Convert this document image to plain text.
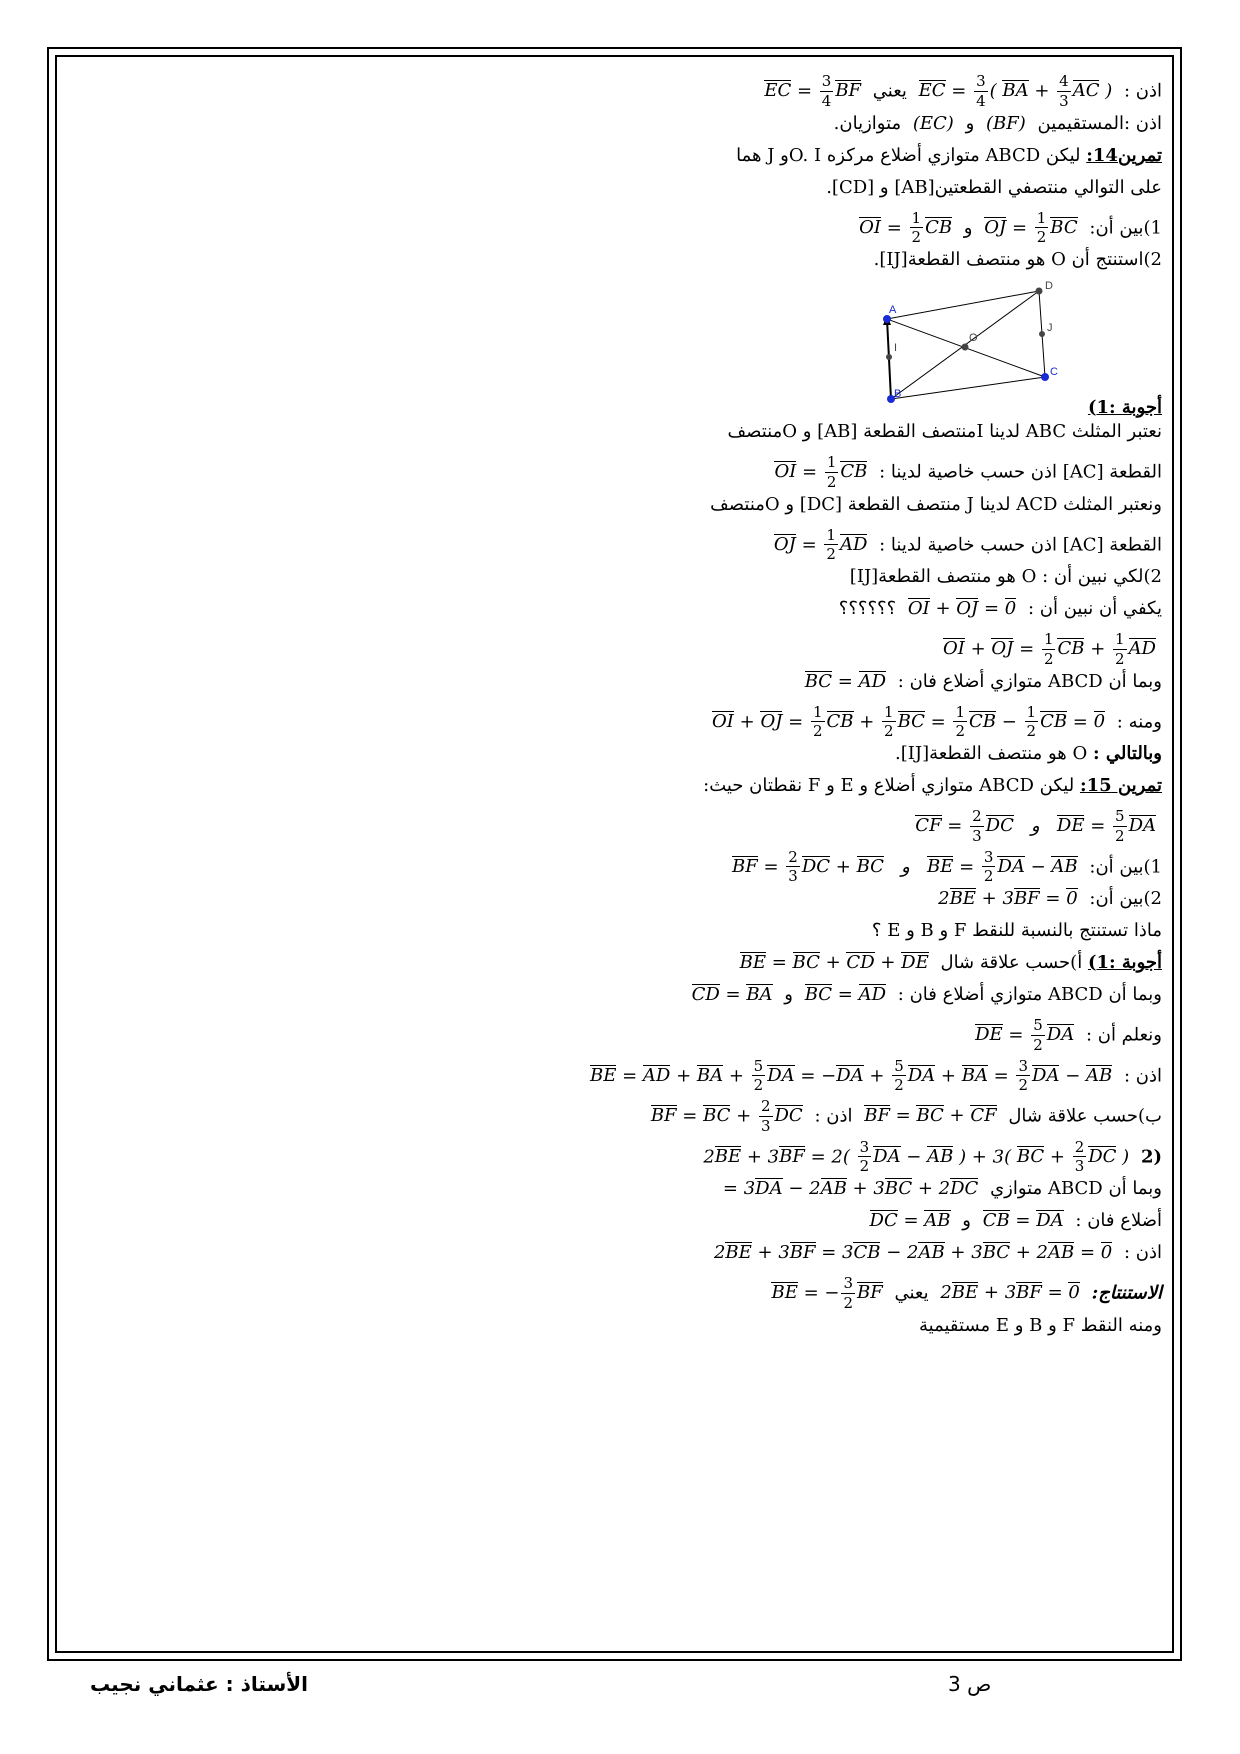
اذن : EC = $\frac{3}{4}$ ( BA + $\frac{4}{3}$ AC ) يعني EC = $\frac{3}{4}$ BF
اذن :المستقيمين (BF) و (EC) متوازيان.
تمرين14: ليكن ABCD متوازي أضلاع مركزه O. Iو J هما
على التوالي منتصفي القطعتين[AB] و [CD].
1)بين أن: OJ = $\frac{1}{2}$ BC و OI = $\frac{1}{2}$ CB
2)استنتج أن O هو منتصف القطعة[IJ].
A
B
C
D
I
J
O
أجوبة :1)
نعتبر المثلث ABC لدينا Iمنتصف القطعة [AB] و Oمنتصف
القطعة [AC] اذن حسب خاصية لدينا : OI = $\frac{1}{2}$ CB
ونعتبر المثلث ACD لدينا J منتصف القطعة [DC] و Oمنتصف
القطعة [AC] اذن حسب خاصية لدينا : OJ = $\frac{1}{2}$ AD
2)لكي نبين أن : O هو منتصف القطعة[IJ]
يكفي أن نبين أن : OI + OJ = 0 ؟؟؟؟؟؟
OI + OJ = $\frac{1}{2}$ CB + $\frac{1}{2}$ AD
وبما أن ABCD متوازي أضلاع فان : BC = AD
ومنه : OI + OJ = $\frac{1}{2}$ CB + $\frac{1}{2}$ BC = $\frac{1}{2}$ CB − $\frac{1}{2}$ CB = 0
وبالتالي : O هو منتصف القطعة[IJ].
تمرين 15: ليكن ABCD متوازي أضلاع و E و F نقطتان حيث:
CF = $\frac{2}{3}$ DC   و   DE = $\frac{5}{2}$ DA
1)بين أن: BF = $\frac{2}{3}$ DC + BC   و   BE = $\frac{3}{2}$ DA − AB
2)بين أن: 2BE + 3BF = 0
ماذا تستنتج بالنسبة للنقط F و B و E ؟
أجوبة :1) أ)حسب علاقة شال BE = BC + CD + DE
وبما أن ABCD متوازي أضلاع فان : BC = AD و CD = BA
ونعلم أن : DE = $\frac{5}{2}$ DA
اذن : BE = AD + BA + $\frac{5}{2}$ DA = $-DA + \frac{5}{2}$ DA + BA = $\frac{3}{2}$ DA − AB
ب)حسب علاقة شال BF = BC + CF اذن : BF = BC + $\frac{2}{3}$ DC
(2 $2BE + 3BF = 2( \frac{3}{2}$ DA − AB ) + 3( BC + $\frac{2}{3}$ DC )
وبما أن ABCD متوازي = 3DA − 2AB + 3BC + 2DC
أضلاع فان : CB = DA و DC = AB
اذن : 2BE + 3BF = 3CB − 2AB + 3BC + 2AB = 0
الاستنتاج: 2BE + 3BF = 0 يعني BE = − $\frac{3}{2}$ BF
ومنه النقط F و B و E مستقيمية
الأستاذ : عثماني نجيب	ص 3
